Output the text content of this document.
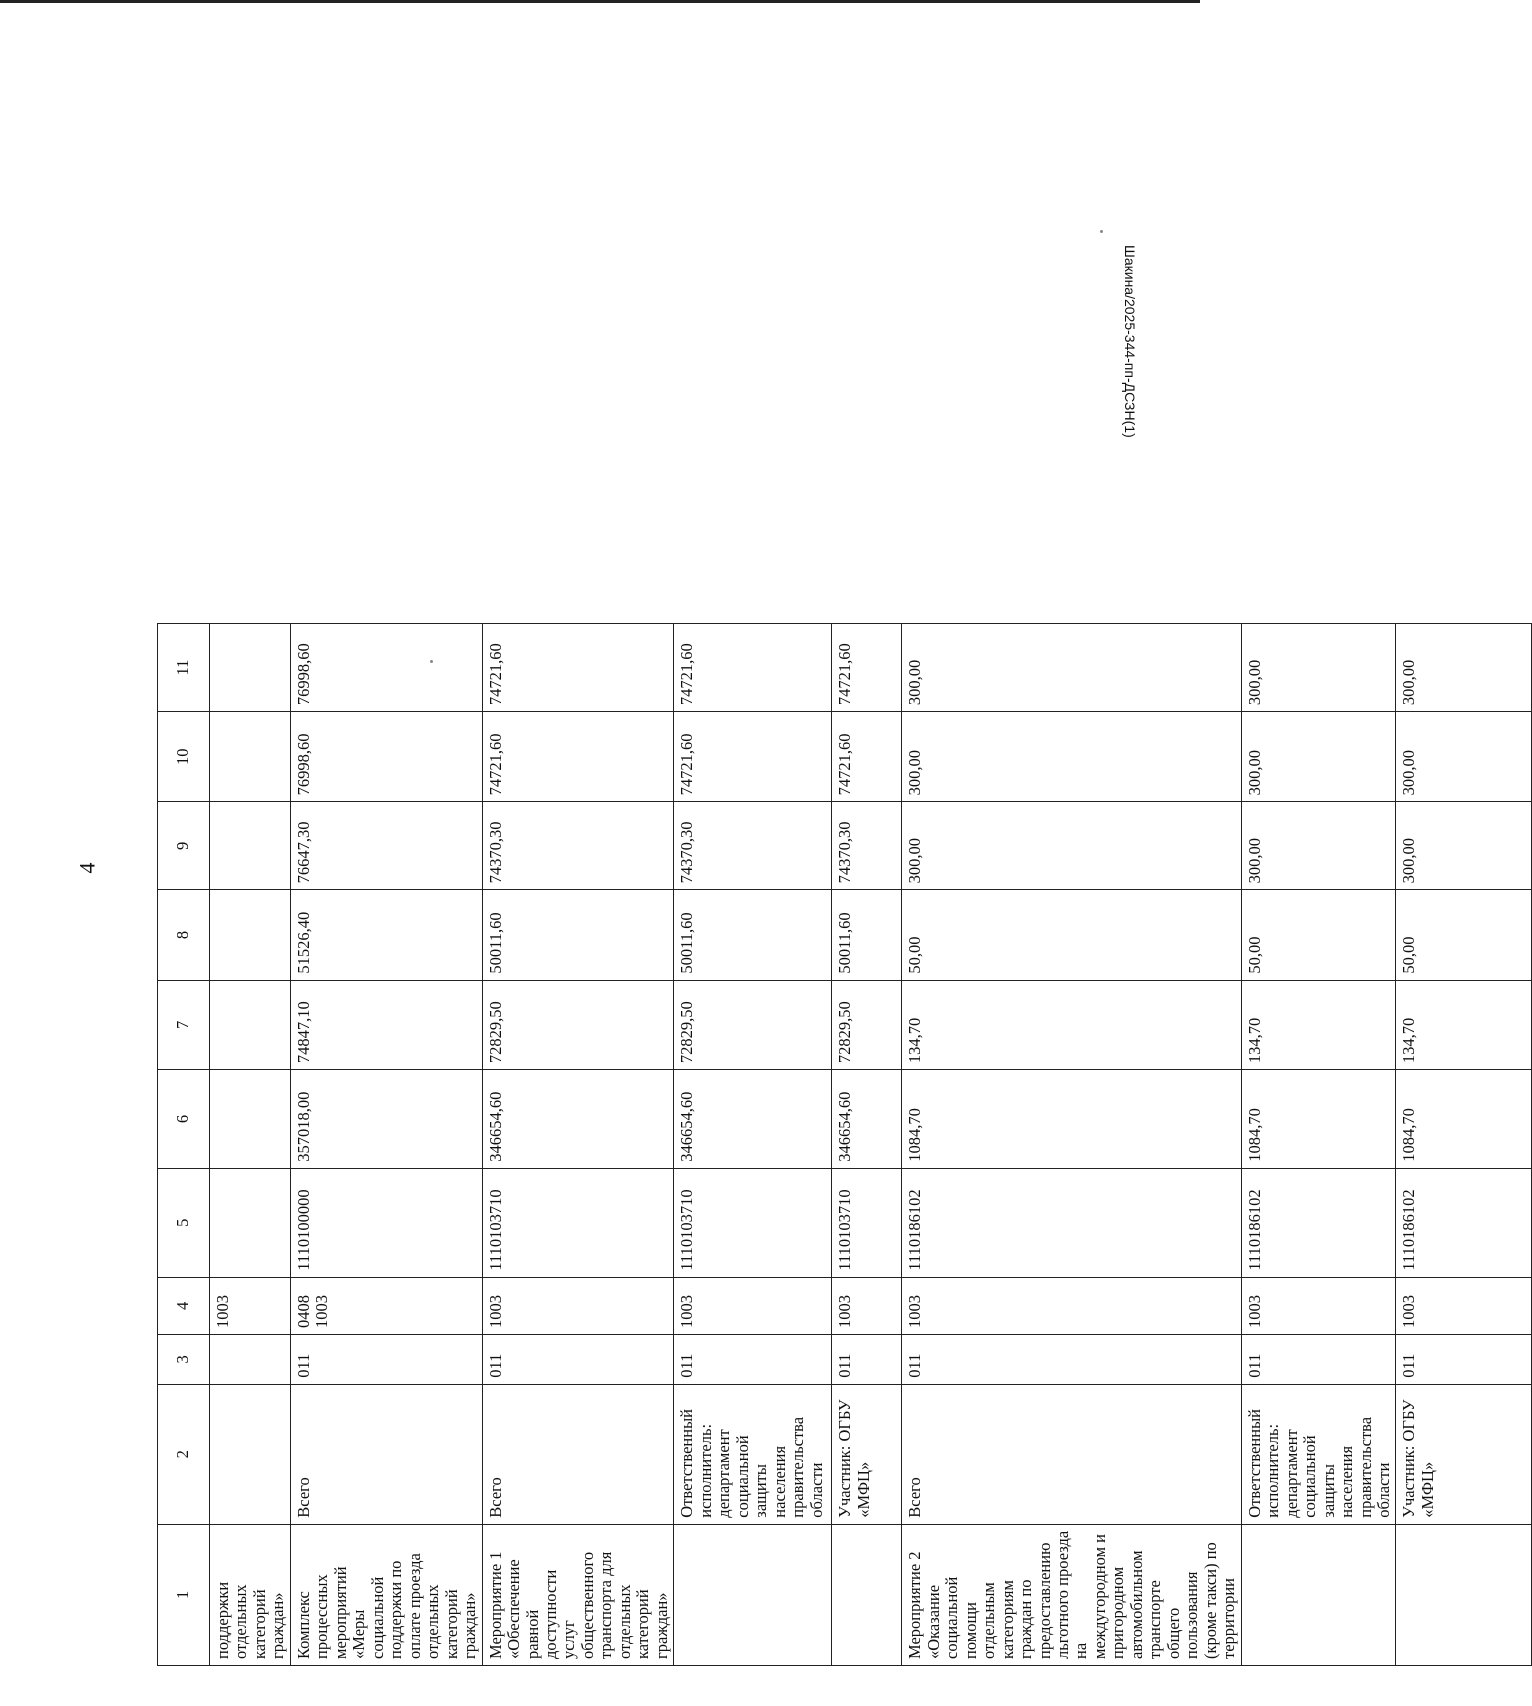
4
Шакина/2025-344-пп-ДСЗН(1)
1	2	3	4	5	6	7	8	9	10	11
поддержки отдельных категорий граждан»			1003							
Комплекс процессных мероприятий «Меры социальной поддержки по оплате проезда отдельных категорий граждан»	Всего	011	0408 1003	1110100000	357018,00	74847,10	51526,40	76647,30	76998,60	76998,60
Мероприятие 1 «Обеспечение равной доступности услуг общественного транспорта для отдельных категорий граждан»	Всего	011	1003	1110103710	346654,60	72829,50	50011,60	74370,30	74721,60	74721,60
	Ответственный исполнитель: департамент социальной защиты населения правительства области	011	1003	1110103710	346654,60	72829,50	50011,60	74370,30	74721,60	74721,60
	Участник: ОГБУ «МФЦ»	011	1003	1110103710	346654,60	72829,50	50011,60	74370,30	74721,60	74721,60
Мероприятие 2 «Оказание социальной помощи отдельным категориям граждан по предоставлению льготного проезда на междугородном и пригородном автомобильном транспорте общего пользования (кроме такси) по территории	Всего	011	1003	1110186102	1084,70	134,70	50,00	300,00	300,00	300,00
	Ответственный исполнитель: департамент социальной защиты населения правительства области	011	1003	1110186102	1084,70	134,70	50,00	300,00	300,00	300,00
	Участник: ОГБУ «МФЦ»	011	1003	1110186102	1084,70	134,70	50,00	300,00	300,00	300,00
